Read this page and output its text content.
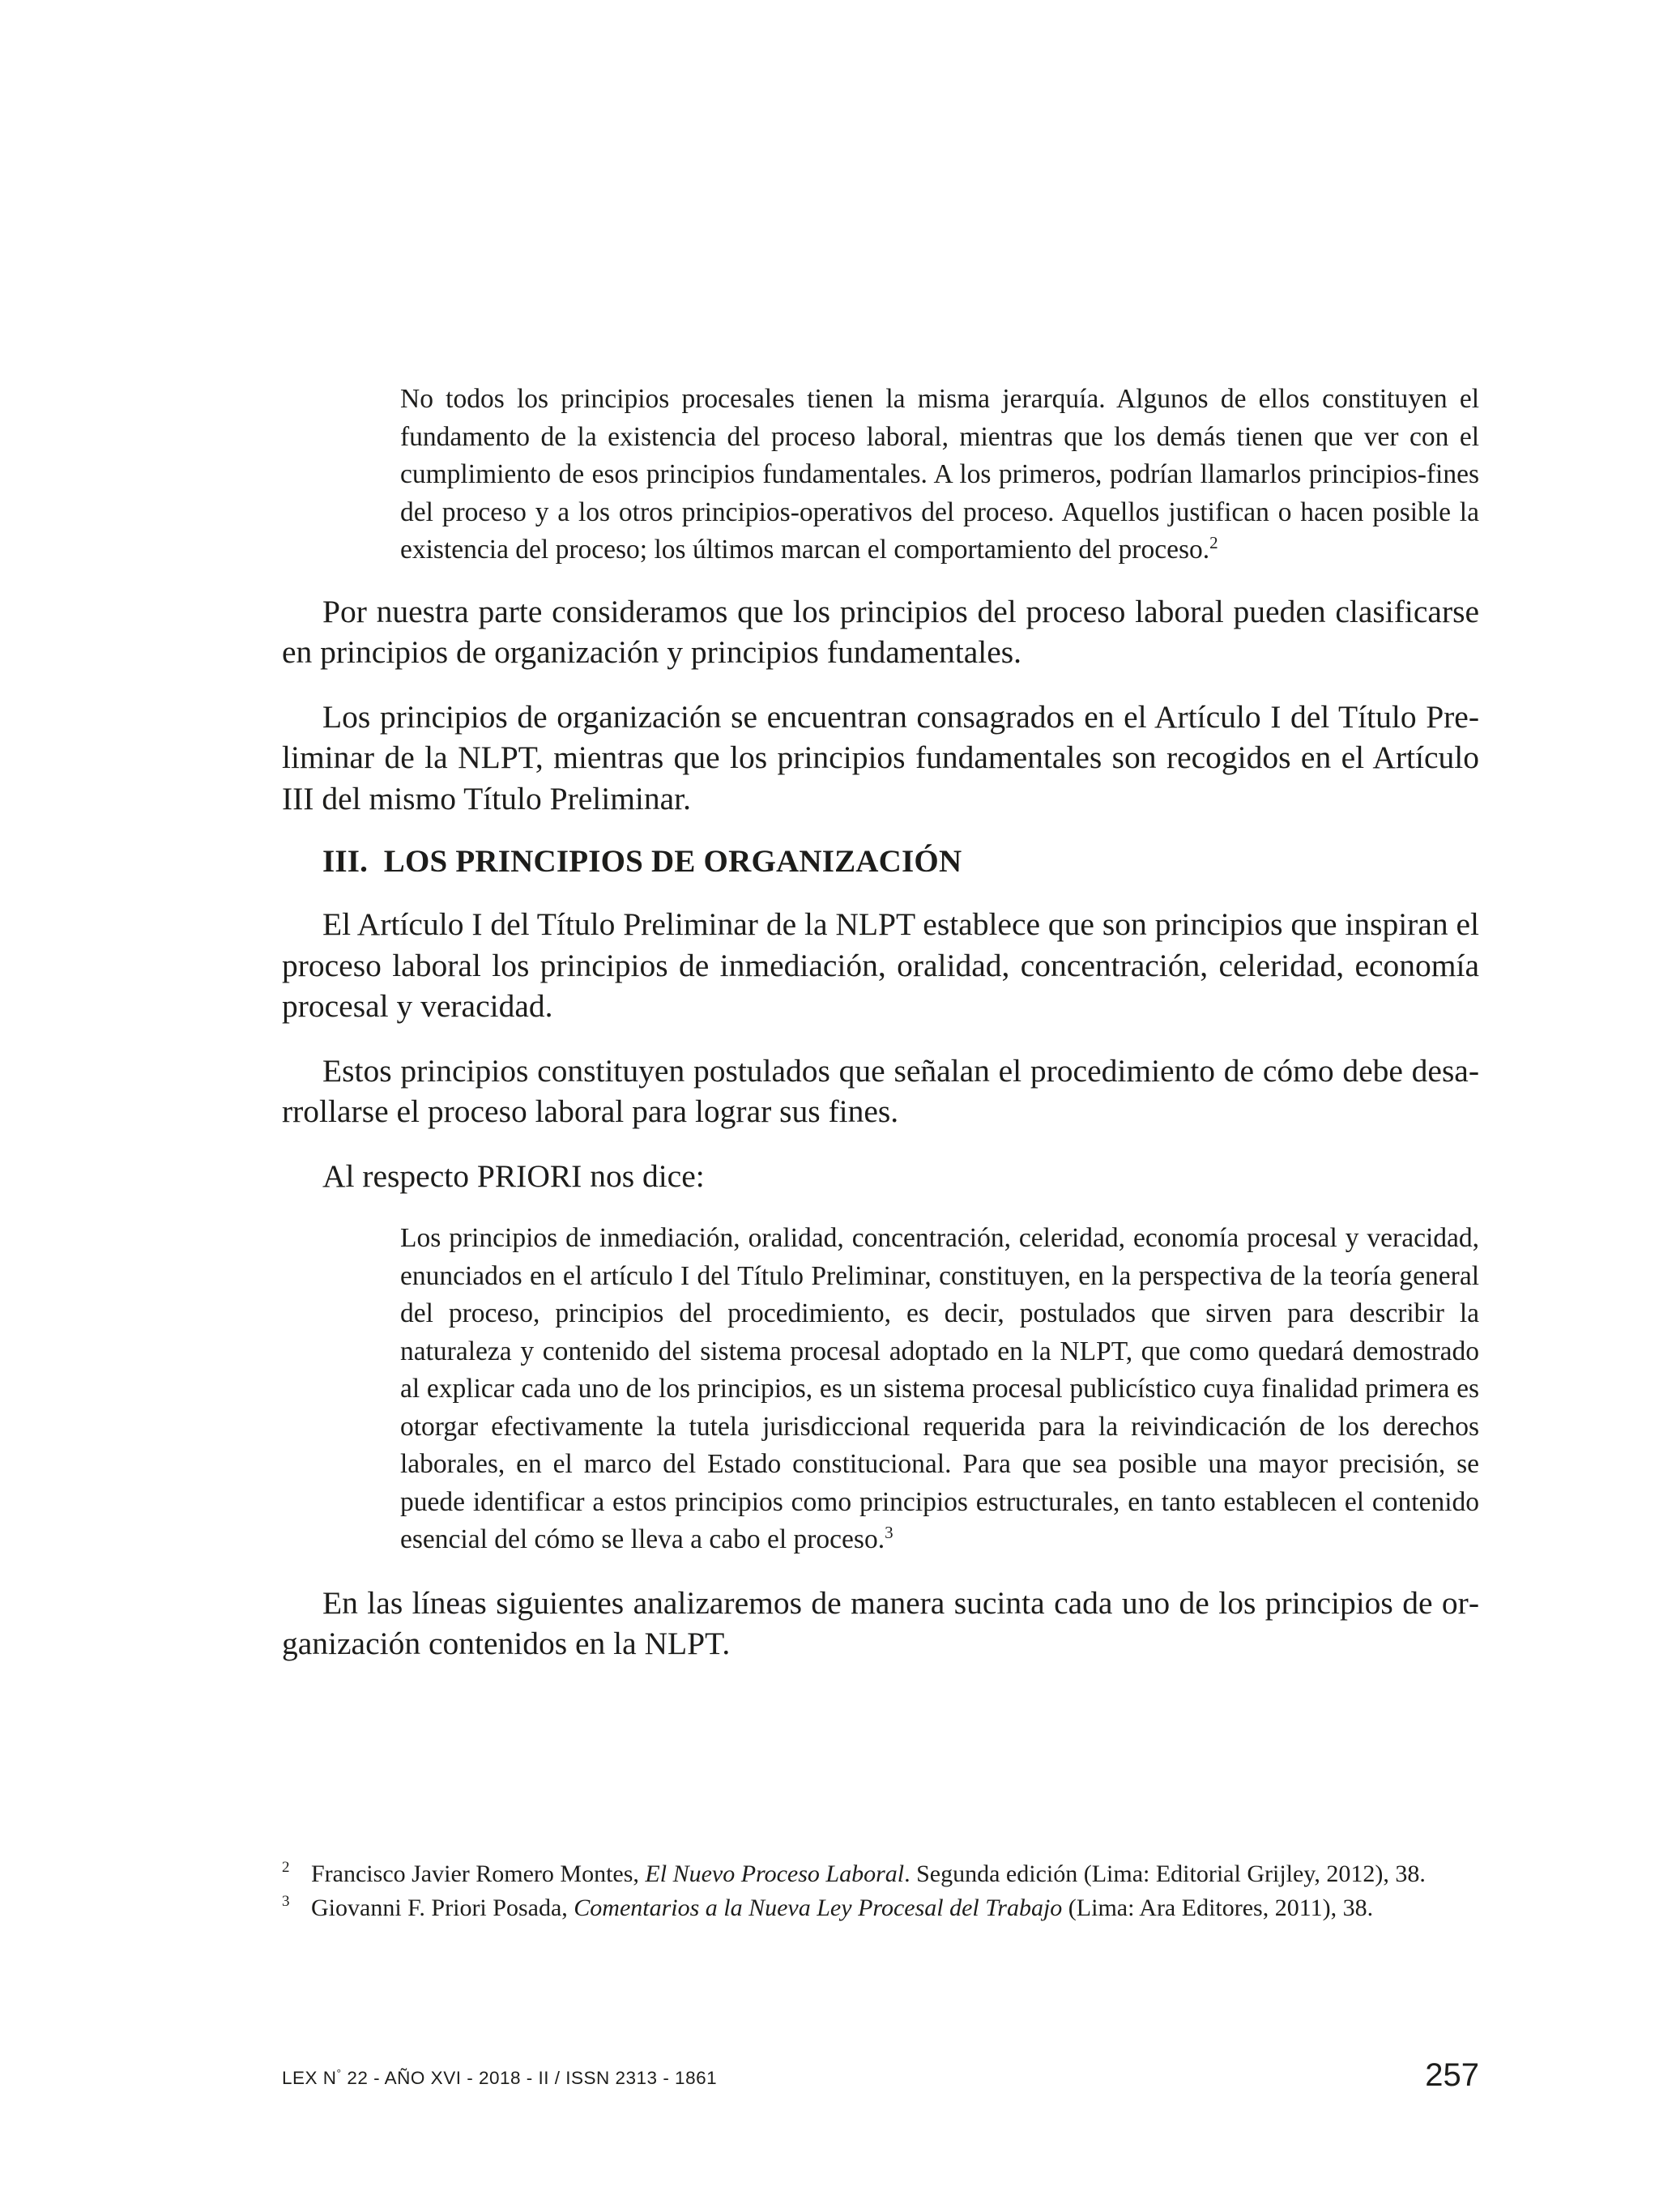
No todos los principios procesales tienen la misma jerarquía. Algunos de ellos constituyen el fundamento de la existencia del proceso laboral, mientras que los demás tienen que ver con el cumplimiento de esos principios fundamentales. A los primeros, podrían llamarlos principios-fines del proceso y a los otros principios-operativos del proceso. Aquellos justifican o hacen posible la existencia del proceso; los últimos marcan el comportamiento del proceso.$^2$

Por nuestra parte consideramos que los principios del proceso laboral pueden clasificarse en principios de organización y principios fundamentales.

Los principios de organización se encuentran consagrados en el Artículo I del Título Preliminar de la NLPT, mientras que los principios fundamentales son recogidos en el Artículo III del mismo Título Preliminar.

III. LOS PRINCIPIOS DE ORGANIZACIÓN

El Artículo I del Título Preliminar de la NLPT establece que son principios que inspiran el proceso laboral los principios de inmediación, oralidad, concentración, celeridad, economía procesal y veracidad.

Estos principios constituyen postulados que señalan el procedimiento de cómo debe desarrollarse el proceso laboral para lograr sus fines.

Al respecto PRIORI nos dice:

Los principios de inmediación, oralidad, concentración, celeridad, economía procesal y veracidad, enunciados en el artículo I del Título Preliminar, constituyen, en la perspectiva de la teoría general del proceso, principios del procedimiento, es decir, postulados que sirven para describir la naturaleza y contenido del sistema procesal adoptado en la NLPT, que como quedará demostrado al explicar cada uno de los principios, es un sistema procesal publicístico cuya finalidad primera es otorgar efectivamente la tutela jurisdiccional requerida para la reivindicación de los derechos laborales, en el marco del Estado constitucional. Para que sea posible una mayor precisión, se puede identificar a estos principios como principios estructurales, en tanto establecen el contenido esencial del cómo se lleva a cabo el proceso.$^3$

En las líneas siguientes analizaremos de manera sucinta cada uno de los principios de organización contenidos en la NLPT.

2 Francisco Javier Romero Montes, El Nuevo Proceso Laboral. Segunda edición (Lima: Editorial Grijley, 2012), 38.
3 Giovanni F. Priori Posada, Comentarios a la Nueva Ley Procesal del Trabajo (Lima: Ara Editores, 2011), 38.
LEX N° 22 - AÑO XVI - 2018 - II / ISSN 2313 - 1861	257
